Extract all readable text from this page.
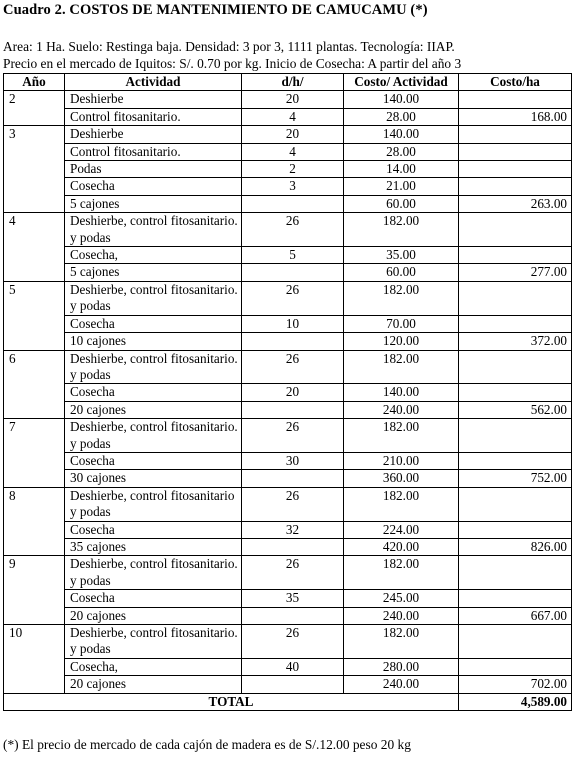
Cuadro 2. COSTOS DE MANTENIMIENTO DE CAMUCAMU (*)
Area: 1 Ha. Suelo: Restinga baja. Densidad: 3 por 3, 1111 plantas. Tecnología: IIAP.
Precio en el mercado de Iquitos: S/. 0.70 por kg. Inicio de Cosecha: A partir del año 3
Año	Actividad	d/h/	Costo/ Actividad	Costo/ha
2	Deshierbe	20	140.00	
	Control fitosanitario.	4	28.00	168.00
3	Deshierbe	20	140.00	
	Control fitosanitario.	4	28.00	
	Podas	2	14.00	
	Cosecha	3	21.00	
	5 cajones		60.00	263.00
4	Deshierbe, control fitosanitario. y podas	26	182.00	
	Cosecha,	5	35.00	
	5 cajones		60.00	277.00
5	Deshierbe, control fitosanitario. y podas	26	182.00	
	Cosecha	10	70.00	
	10 cajones		120.00	372.00
6	Deshierbe, control fitosanitario. y podas	26	182.00	
	Cosecha	20	140.00	
	20 cajones		240.00	562.00
7	Deshierbe, control fitosanitario. y podas	26	182.00	
	Cosecha	30	210.00	
	30 cajones		360.00	752.00
8	Deshierbe, control fitosanitario y podas	26	182.00	
	Cosecha	32	224.00	
	35 cajones		420.00	826.00
9	Deshierbe, control fitosanitario. y podas	26	182.00	
	Cosecha	35	245.00	
	20 cajones		240.00	667.00
10	Deshierbe, control fitosanitario. y podas	26	182.00	
	Cosecha,	40	280.00	
	20 cajones		240.00	702.00
TOTAL				4,589.00
(*) El precio de mercado de cada cajón de madera es de S/.12.00 peso 20 kg
